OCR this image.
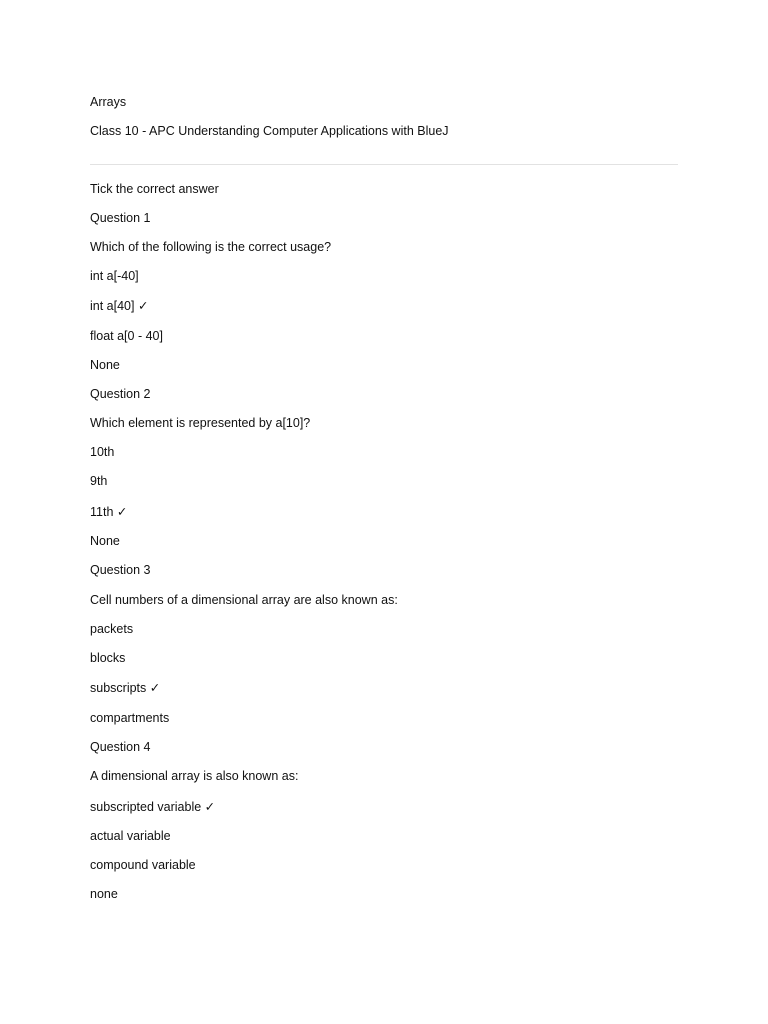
Arrays
Class 10 - APC Understanding Computer Applications with BlueJ
Tick the correct answer
Question 1
Which of the following is the correct usage?
int a[-40]
int a[40] ✓
float a[0 - 40]
None
Question 2
Which element is represented by a[10]?
10th
9th
11th ✓
None
Question 3
Cell numbers of a dimensional array are also known as:
packets
blocks
subscripts ✓
compartments
Question 4
A dimensional array is also known as:
subscripted variable ✓
actual variable
compound variable
none
